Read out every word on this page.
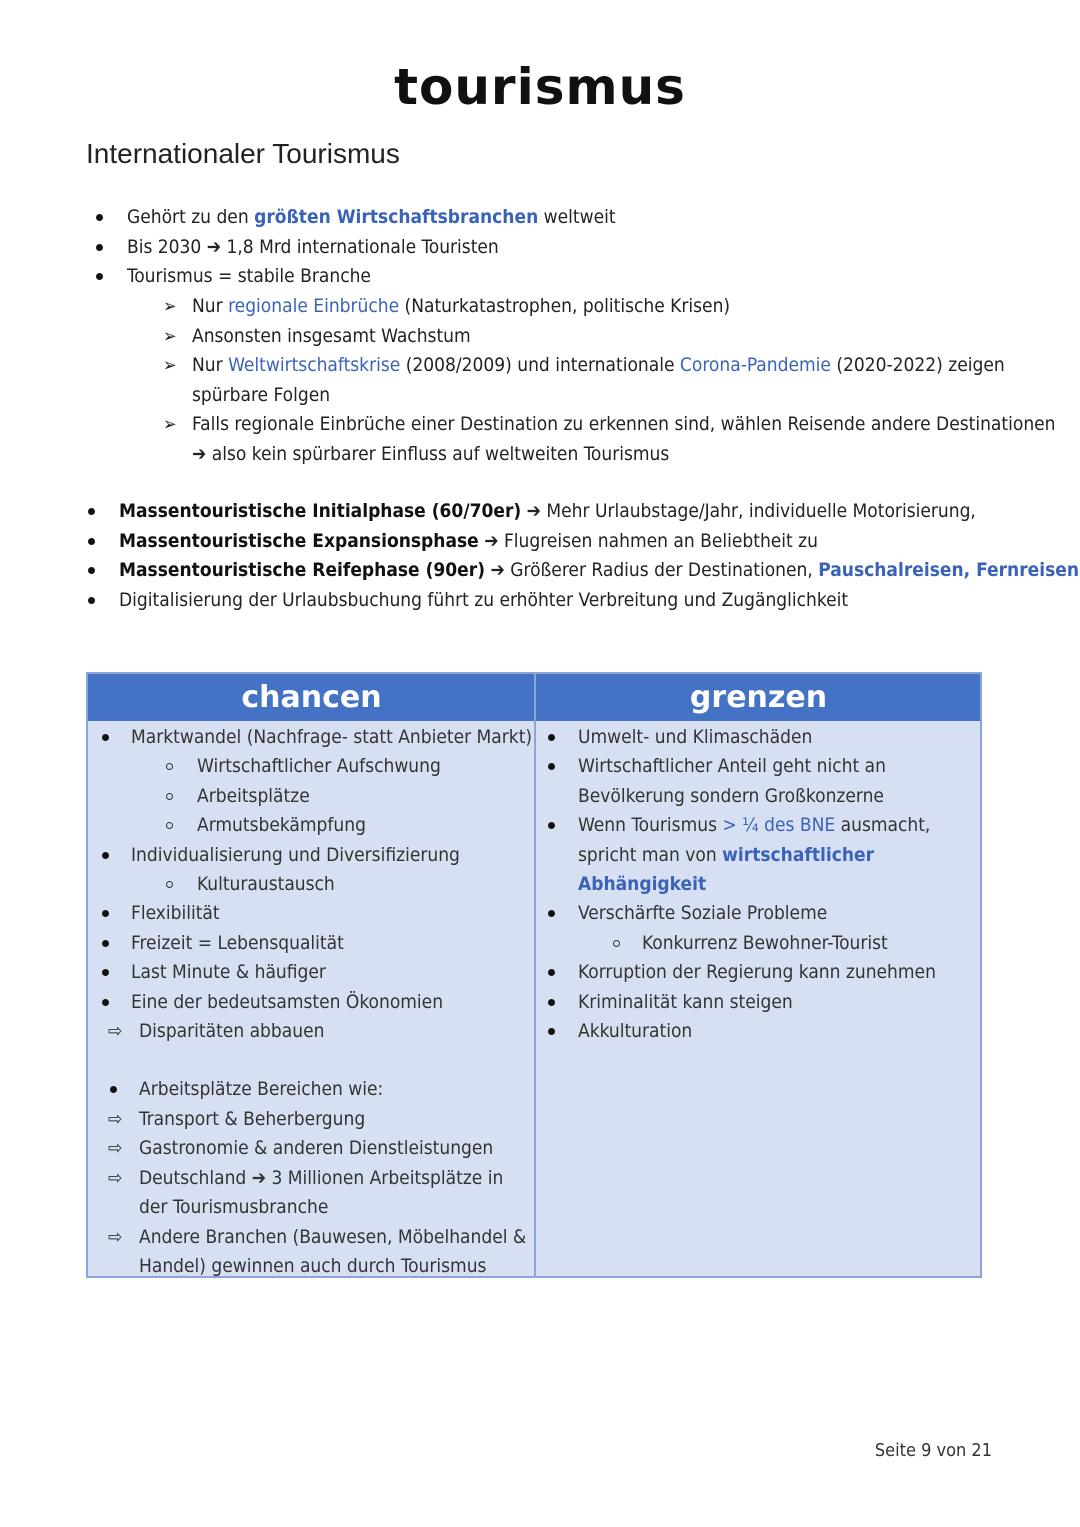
tourismus
Internationaler Tourismus
Gehört zu den größten Wirtschaftsbranchen weltweit
Bis 2030 ➔ 1,8 Mrd internationale Touristen
Tourismus = stabile Branche
➢ Nur regionale Einbrüche (Naturkatastrophen, politische Krisen)
➢ Ansonsten insgesamt Wachstum
➢ Nur Weltwirtschaftskrise (2008/2009) und internationale Corona-Pandemie (2020-2022) zeigen spürbare Folgen
➢ Falls regionale Einbrüche einer Destination zu erkennen sind, wählen Reisende andere Destinationen ➔ also kein spürbarer Einfluss auf weltweiten Tourismus
Massentouristische Initialphase (60/70er) ➔ Mehr Urlaubstage/Jahr, individuelle Motorisierung,
Massentouristische Expansionsphase ➔ Flugreisen nahmen an Beliebtheit zu
Massentouristische Reifephase (90er) ➔ Größerer Radius der Destinationen, Pauschalreisen, Fernreisen
Digitalisierung der Urlaubsbuchung führt zu erhöhter Verbreitung und Zugänglichkeit
chancen	grenzen
Marktwandel (Nachfrage- statt Anbieter Markt)
Wirtschaftlicher Aufschwung
Arbeitsplätze
Armutsbekämpfung
Individualisierung und Diversifizierung
Kulturaustausch
Flexibilität
Freizeit = Lebensqualität
Last Minute & häufiger
Eine der bedeutsamsten Ökonomien
⇨ Disparitäten abbauen
Arbeitsplätze Bereichen wie:
⇨ Transport & Beherbergung
⇨ Gastronomie & anderen Dienstleistungen
⇨ Deutschland ➔ 3 Millionen Arbeitsplätze in der Tourismusbranche
⇨ Andere Branchen (Bauwesen, Möbelhandel & Handel) gewinnen auch durch Tourismus
Umwelt- und Klimaschäden
Wirtschaftlicher Anteil geht nicht an Bevölkerung sondern Großkonzerne
Wenn Tourismus > ¼ des BNE ausmacht, spricht man von wirtschaftlicher Abhängigkeit
Verschärfte Soziale Probleme
Konkurrenz Bewohner-Tourist
Korruption der Regierung kann zunehmen
Kriminalität kann steigen
Akkulturation
Seite 9 von 21
